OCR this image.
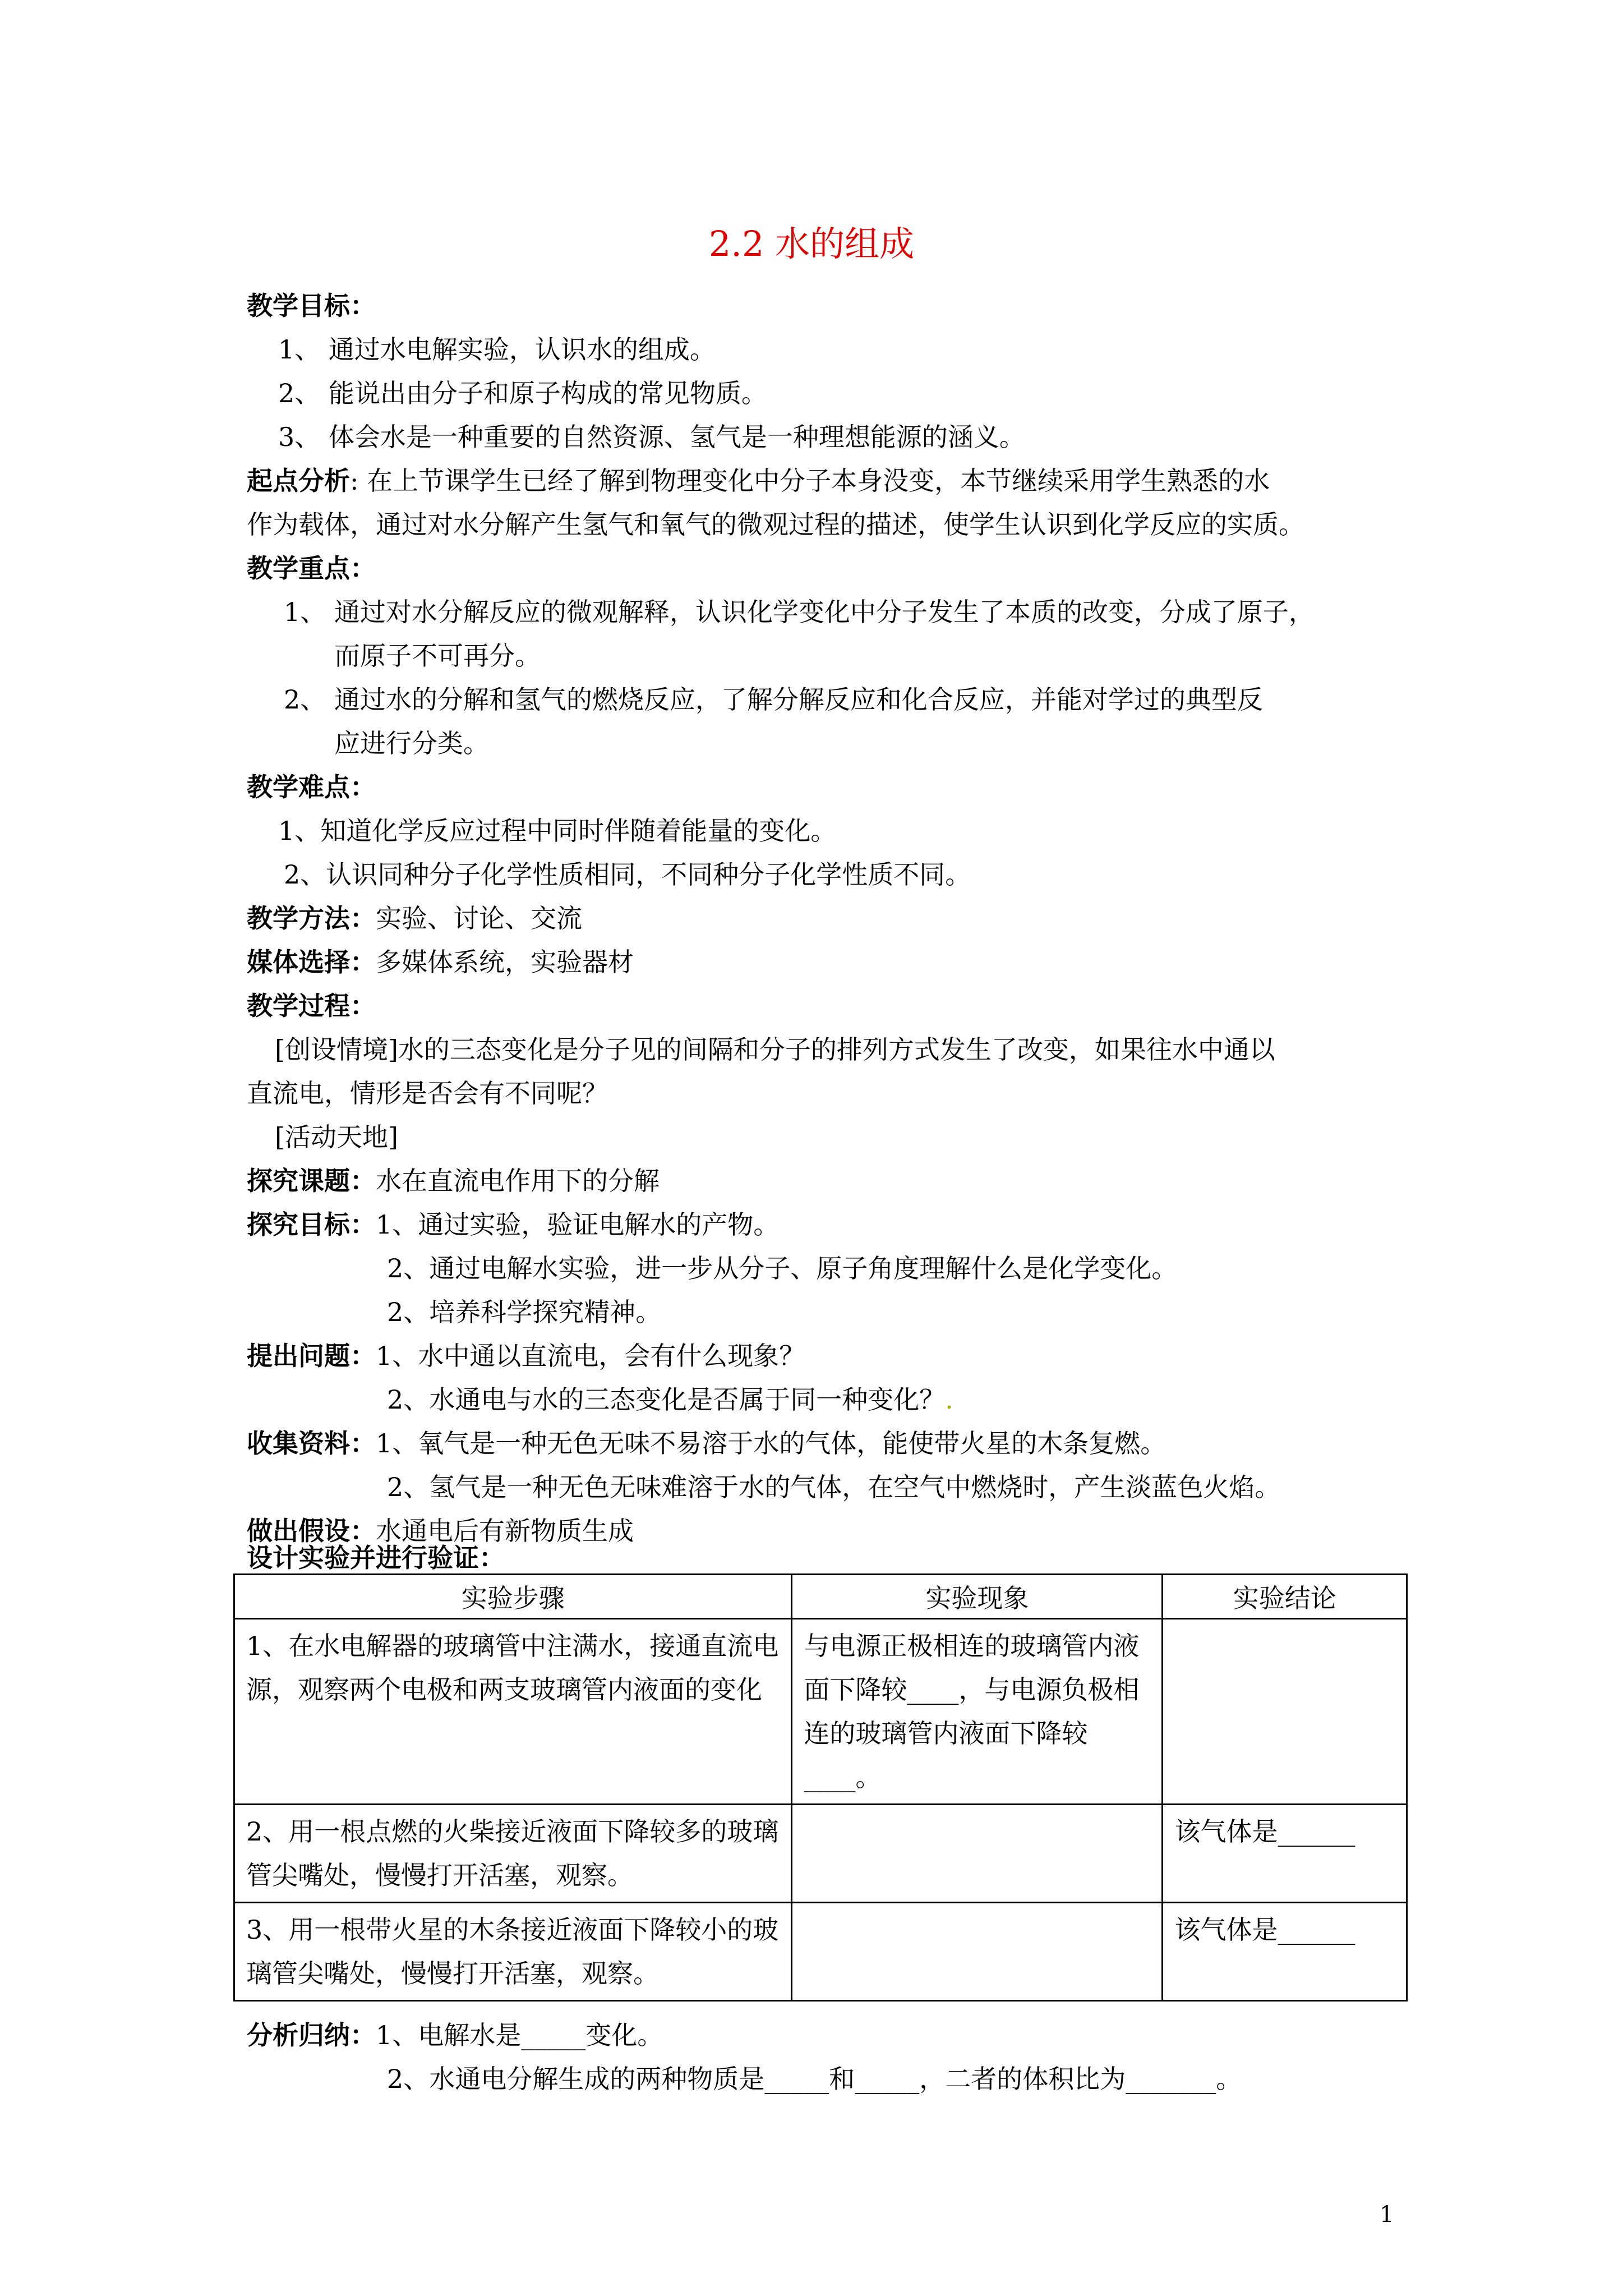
2.2 水的组成
教学目标：
1、 通过水电解实验，认识水的组成。
2、 能说出由分子和原子构成的常见物质。
3、 体会水是一种重要的自然资源、氢气是一种理想能源的涵义。
起点分析: 在上节课学生已经了解到物理变化中分子本身没变，本节继续采用学生熟悉的水
作为载体，通过对水分解产生氢气和氧气的微观过程的描述，使学生认识到化学反应的实质。
教学重点：
1、 通过对水分解反应的微观解释，认识化学变化中分子发生了本质的改变，分成了原子，
而原子不可再分。
2、 通过水的分解和氢气的燃烧反应，了解分解反应和化合反应，并能对学过的典型反
应进行分类。
教学难点：
1、知道化学反应过程中同时伴随着能量的变化。
2、认识同种分子化学性质相同，不同种分子化学性质不同。
教学方法：实验、讨论、交流
媒体选择：多媒体系统，实验器材
教学过程：
[创设情境]水的三态变化是分子见的间隔和分子的排列方式发生了改变，如果往水中通以
直流电，情形是否会有不同呢？
[活动天地]
探究课题：水在直流电作用下的分解
探究目标：1、通过实验，验证电解水的产物。
2、通过电解水实验，进一步从分子、原子角度理解什么是化学变化。
2、培养科学探究精神。
提出问题：1、水中通以直流电，会有什么现象？
2、水通电与水的三态变化是否属于同一种变化？.
收集资料：1、氧气是一种无色无味不易溶于水的气体，能使带火星的木条复燃。
2、氢气是一种无色无味难溶于水的气体，在空气中燃烧时，产生淡蓝色火焰。
做出假设：水通电后有新物质生成
设计实验并进行验证：
实验步骤	实验现象	实验结论
1、在水电解器的玻璃管中注满水，接通直流电源，观察两个电极和两支玻璃管内液面的变化	与电源正极相连的玻璃管内液面下降较____，与电源负极相连的玻璃管内液面下降较____。	
2、用一根点燃的火柴接近液面下降较多的玻璃管尖嘴处，慢慢打开活塞，观察。		该气体是______
3、用一根带火星的木条接近液面下降较小的玻璃管尖嘴处，慢慢打开活塞，观察。		该气体是______
分析归纳：1、电解水是_____变化。
2、水通电分解生成的两种物质是_____和_____，二者的体积比为_______。
1
